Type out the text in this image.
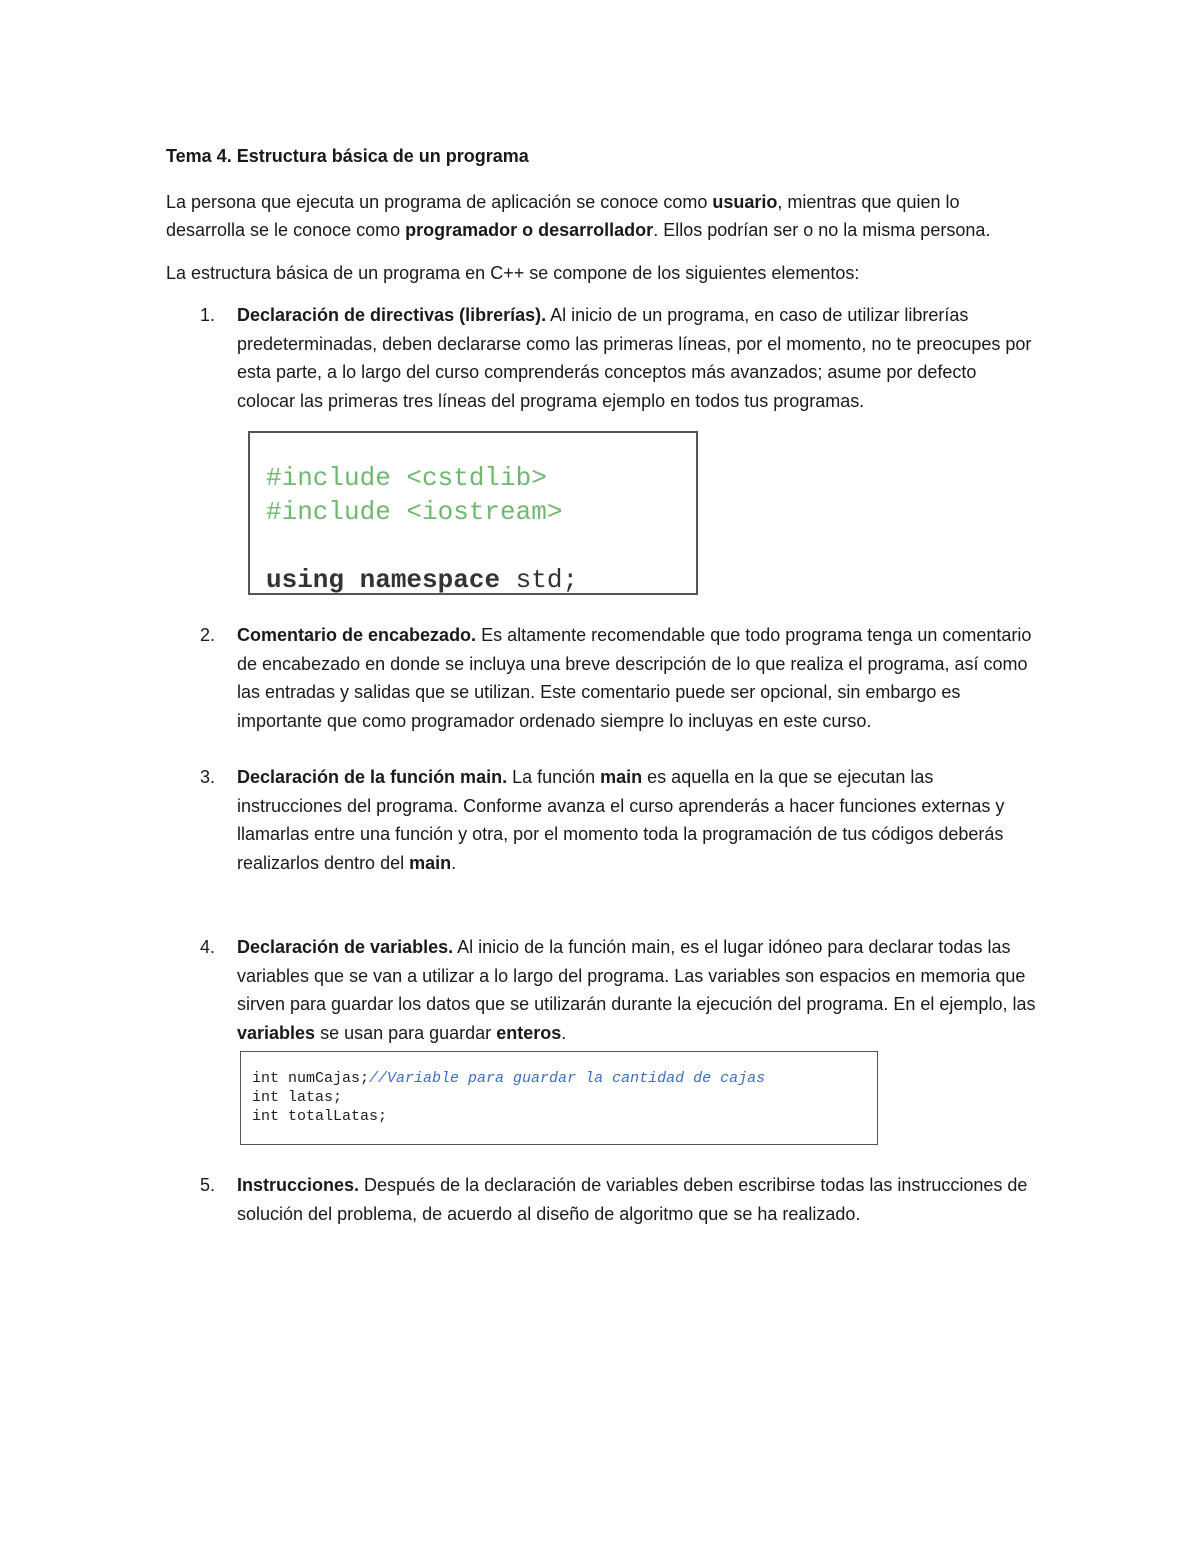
Tema 4. Estructura básica de un programa

La persona que ejecuta un programa de aplicación se conoce como usuario, mientras que quien lo desarrolla se le conoce como programador o desarrollador. Ellos podrían ser o no la misma persona.

La estructura básica de un programa en C++ se compone de los siguientes elementos:

1. Declaración de directivas (librerías). Al inicio de un programa, en caso de utilizar librerías predeterminadas, deben declararse como las primeras líneas, por el momento, no te preocupes por esta parte, a lo largo del curso comprenderás conceptos más avanzados; asume por defecto colocar las primeras tres líneas del programa ejemplo en todos tus programas.
#include <cstdlib>
#include <iostream>
using namespace std;
2. Comentario de encabezado. Es altamente recomendable que todo programa tenga un comentario de encabezado en donde se incluya una breve descripción de lo que realiza el programa, así como las entradas y salidas que se utilizan. Este comentario puede ser opcional, sin embargo es importante que como programador ordenado siempre lo incluyas en este curso.
3. Declaración de la función main. La función main es aquella en la que se ejecutan las instrucciones del programa. Conforme avanza el curso aprenderás a hacer funciones externas y llamarlas entre una función y otra, por el momento toda la programación de tus códigos deberás realizarlos dentro del main.
4. Declaración de variables. Al inicio de la función main, es el lugar idóneo para declarar todas las variables que se van a utilizar a lo largo del programa. Las variables son espacios en memoria que sirven para guardar los datos que se utilizarán durante la ejecución del programa. En el ejemplo, las variables se usan para guardar enteros.
int numCajas;//Variable para guardar la cantidad de cajas
int latas;
int totalLatas;
5. Instrucciones. Después de la declaración de variables deben escribirse todas las instrucciones de solución del problema, de acuerdo al diseño de algoritmo que se ha realizado.
